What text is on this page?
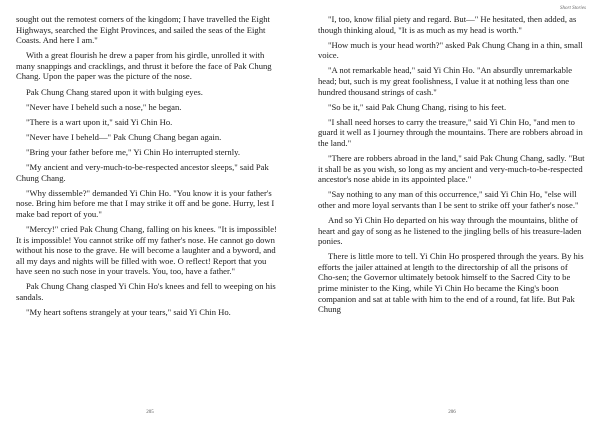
sought out the remotest corners of the kingdom; I have travelled the Eight Highways, searched the Eight Provinces, and sailed the seas of the Eight Coasts. And here I am."

With a great flourish he drew a paper from his girdle, unrolled it with many snappings and cracklings, and thrust it before the face of Pak Chung Chang. Upon the paper was the picture of the nose.

Pak Chung Chang stared upon it with bulging eyes.

"Never have I beheld such a nose," he began.

"There is a wart upon it," said Yi Chin Ho.

"Never have I beheld—" Pak Chung Chang began again.

"Bring your father before me," Yi Chin Ho interrupted sternly.

"My ancient and very-much-to-be-respected ancestor sleeps," said Pak Chung Chang.

"Why dissemble?" demanded Yi Chin Ho. "You know it is your father's nose. Bring him before me that I may strike it off and be gone. Hurry, lest I make bad report of you."

"Mercy!" cried Pak Chung Chang, falling on his knees. "It is impossible! It is impossible! You cannot strike off my father's nose. He cannot go down without his nose to the grave. He will become a laughter and a byword, and all my days and nights will be filled with woe. O reflect! Report that you have seen no such nose in your travels. You, too, have a father."

Pak Chung Chang clasped Yi Chin Ho's knees and fell to weeping on his sandals.

"My heart softens strangely at your tears," said Yi Chin Ho.

205
Short Stories

"I, too, know filial piety and regard. But—" He hesitated, then added, as though thinking aloud, "It is as much as my head is worth."

"How much is your head worth?" asked Pak Chung Chang in a thin, small voice.

"A not remarkable head," said Yi Chin Ho. "An absurdly unremarkable head; but, such is my great foolishness, I value it at nothing less than one hundred thousand strings of cash."

"So be it," said Pak Chung Chang, rising to his feet.

"I shall need horses to carry the treasure," said Yi Chin Ho, "and men to guard it well as I journey through the mountains. There are robbers abroad in the land."

"There are robbers abroad in the land," said Pak Chung Chang, sadly. "But it shall be as you wish, so long as my ancient and very-much-to-be-respected ancestor's nose abide in its appointed place."

"Say nothing to any man of this occurrence," said Yi Chin Ho, "else will other and more loyal servants than I be sent to strike off your father's nose."

And so Yi Chin Ho departed on his way through the mountains, blithe of heart and gay of song as he listened to the jingling bells of his treasure-laden ponies.

There is little more to tell. Yi Chin Ho prospered through the years. By his efforts the jailer attained at length to the directorship of all the prisons of Cho-sen; the Governor ultimately betook himself to the Sacred City to be prime minister to the King, while Yi Chin Ho became the King's boon companion and sat at table with him to the end of a round, fat life. But Pak Chung

206
